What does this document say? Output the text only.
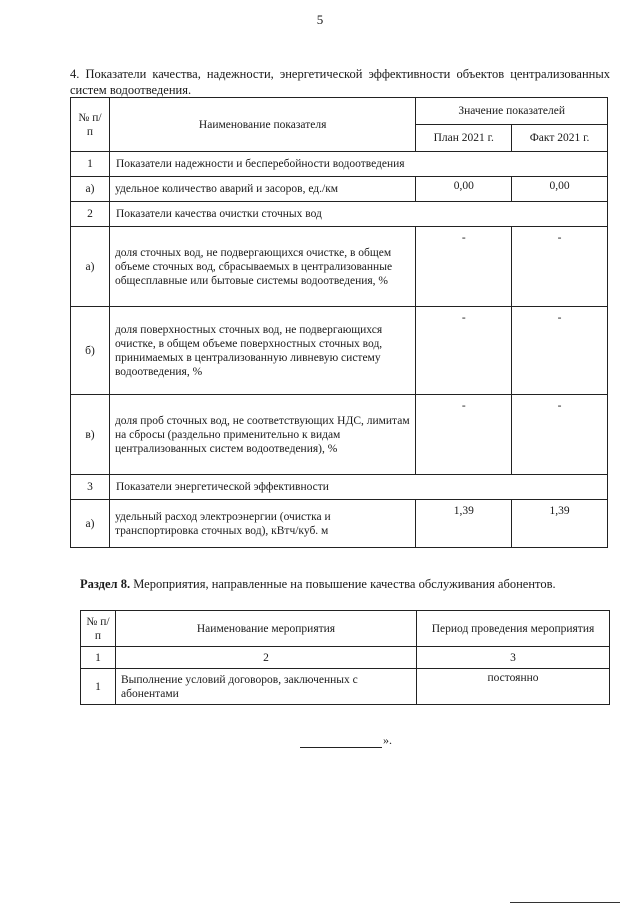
5
4. Показатели качества, надежности, энергетической эффективности объектов централизованных систем водоотведения.
№ п/п	Наименование показателя	Значение показателей	
		План 2021 г.	Факт 2021 г.
1	Показатели надежности и бесперебойности водоотведения		
а)	удельное количество аварий и засоров, ед./км	0,00	0,00
2	Показатели качества очистки сточных вод		
а)	доля сточных вод, не подвергающихся очистке, в общем объеме сточных вод, сбрасываемых в централизованные общесплавные или бытовые системы водоотведения, %	-	-
б)	доля поверхностных сточных вод, не подвергающихся очистке, в общем объеме поверхностных сточных вод, принимаемых в централизованную ливневую систему водоотведения, %	-	-
в)	доля проб сточных вод, не соответствующих НДС, лимитам на сбросы (раздельно применительно к видам централизованных систем водоотведения), %	-	-
3	Показатели энергетической эффективности		
а)	удельный расход электроэнергии (очистка и транспортировка сточных вод), кВтч/куб. м	1,39	1,39
Раздел 8. Мероприятия, направленные на повышение качества обслуживания абонентов.
№ п/п	Наименование мероприятия	Период проведения мероприятия
1	2	3
1	Выполнение условий договоров, заключенных с абонентами	постоянно
».
